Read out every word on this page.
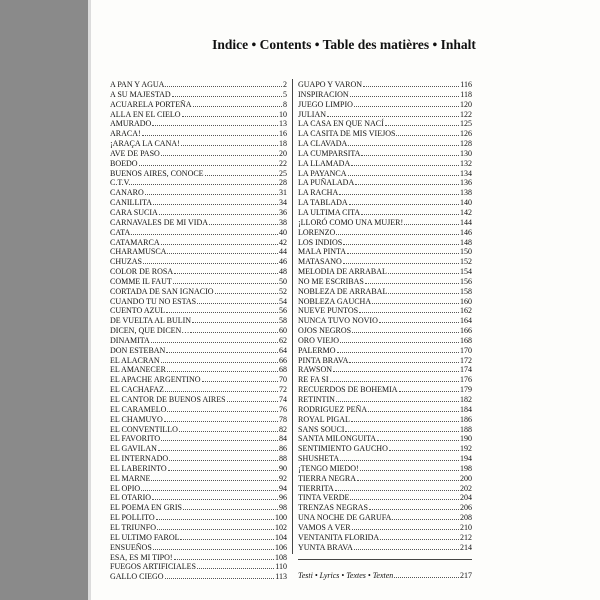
Indice • Contents • Table des matières • Inhalt
A PAN Y AGUA	2
A SU MAJESTAD	5
ACUARELA PORTEÑA	8
ALLA EN EL CIELO	10
AMURADO	13
ARACA!	16
¡ARAÇA LA CANA!	18
AVE DE PASO	20
BOEDO	22
BUENOS AIRES, CONOCE	25
C.T.V.	28
CANARO	31
CANILLITA	34
CARA SUCIA	36
CARNAVALES DE MI VIDA	38
CATA	40
CATAMARCA	42
CHARAMUSCA	44
CHUZAS	46
COLOR DE ROSA	48
COMME IL FAUT	50
CORTADA DE SAN IGNACIO	52
CUANDO TU NO ESTAS	54
CUENTO AZUL	56
DE VUELTA AL BULIN	58
DICEN, QUE DICEN…	60
DINAMITA	62
DON ESTEBAN	64
EL ALACRAN	66
EL AMANECER	68
EL APACHE ARGENTINO	70
EL CACHAFAZ	72
EL CANTOR DE BUENOS AIRES	74
EL CARAMELO	76
EL CHAMUYO	78
EL CONVENTILLO	82
EL FAVORITO	84
EL GAVILAN	86
EL INTERNADO	88
EL LABERINTO	90
EL MARNE	92
EL OPIO	94
EL OTARIO	96
EL POEMA EN GRIS	98
EL POLLITO	100
EL TRIUNFO	102
EL ULTIMO FAROL	104
ENSUEÑOS	106
ESA, ES MI TIPO!	108
FUEGOS ARTIFICIALES	110
GALLO CIEGO	113
GUAPO Y VARON	116
INSPIRACION	118
JUEGO LIMPIO	120
JULIAN	122
LA CASA EN QUE NACÍ	125
LA CASITA DE MIS VIEJOS	126
LA CLAVADA	128
LA CUMPARSITA	130
LA LLAMADA	132
LA PAYANCA	134
LA PUÑALADA	136
LA RACHA	138
LA TABLADA	140
LA ULTIMA CITA	142
¡LLORÓ COMO UNA MUJER!	144
LORENZO	146
LOS INDIOS	148
MALA PINTA	150
MATASANO	152
MELODIA DE ARRABAL	154
NO ME ESCRIBAS	156
NOBLEZA DE ARRABAL	158
NOBLEZA GAUCHA	160
NUEVE PUNTOS	162
NUNCA TUVO NOVIO	164
OJOS NEGROS	166
ORO VIEJO	168
PALERMO	170
PINTA BRAVA	172
RAWSON	174
RE FA SI	176
RECUERDOS DE BOHEMIA	179
RETINTIN	182
RODRIGUEZ PEÑA	184
ROYAL PIGAL	186
SANS SOUCI	188
SANTA MILONGUITA	190
SENTIMIENTO GAUCHO	192
SHUSHETA	194
¡TENGO MIEDO!	198
TIERRA NEGRA	200
TIERRITA	202
TINTA VERDE	204
TRENZAS NEGRAS	206
UNA NOCHE DE GARUFA	208
VAMOS A VER	210
VENTANITA FLORIDA	212
YUNTA BRAVA	214
Testi • Lyrics • Textes • Texten	217
